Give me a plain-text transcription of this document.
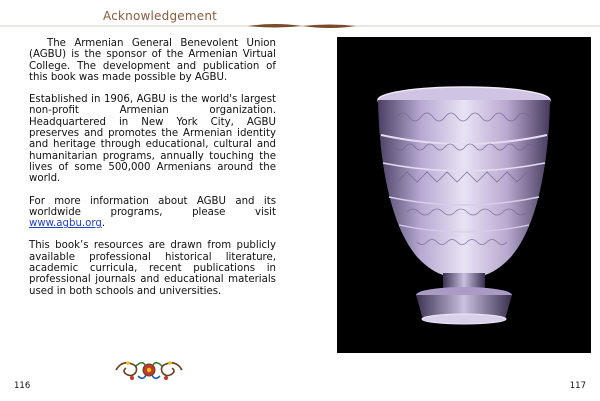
Acknowledgement

The Armenian General Benevolent Union (AGBU) is the sponsor of the Armenian Virtual College. The development and publication of this book was made possible by AGBU.

Established in 1906, AGBU is the world's largest non-profit Armenian organization. Headquartered in New York City, AGBU preserves and promotes the Armenian identity and heritage through educational, cultural and humanitarian programs, annually touching the lives of some 500,000 Armenians around the world.

For more information about AGBU and its worldwide programs, please visit www.agbu.org.

This book’s resources are drawn from publicly available professional historical literature, academic curricula, recent publications in professional journals and educational materials used in both schools and universities.

116	117
